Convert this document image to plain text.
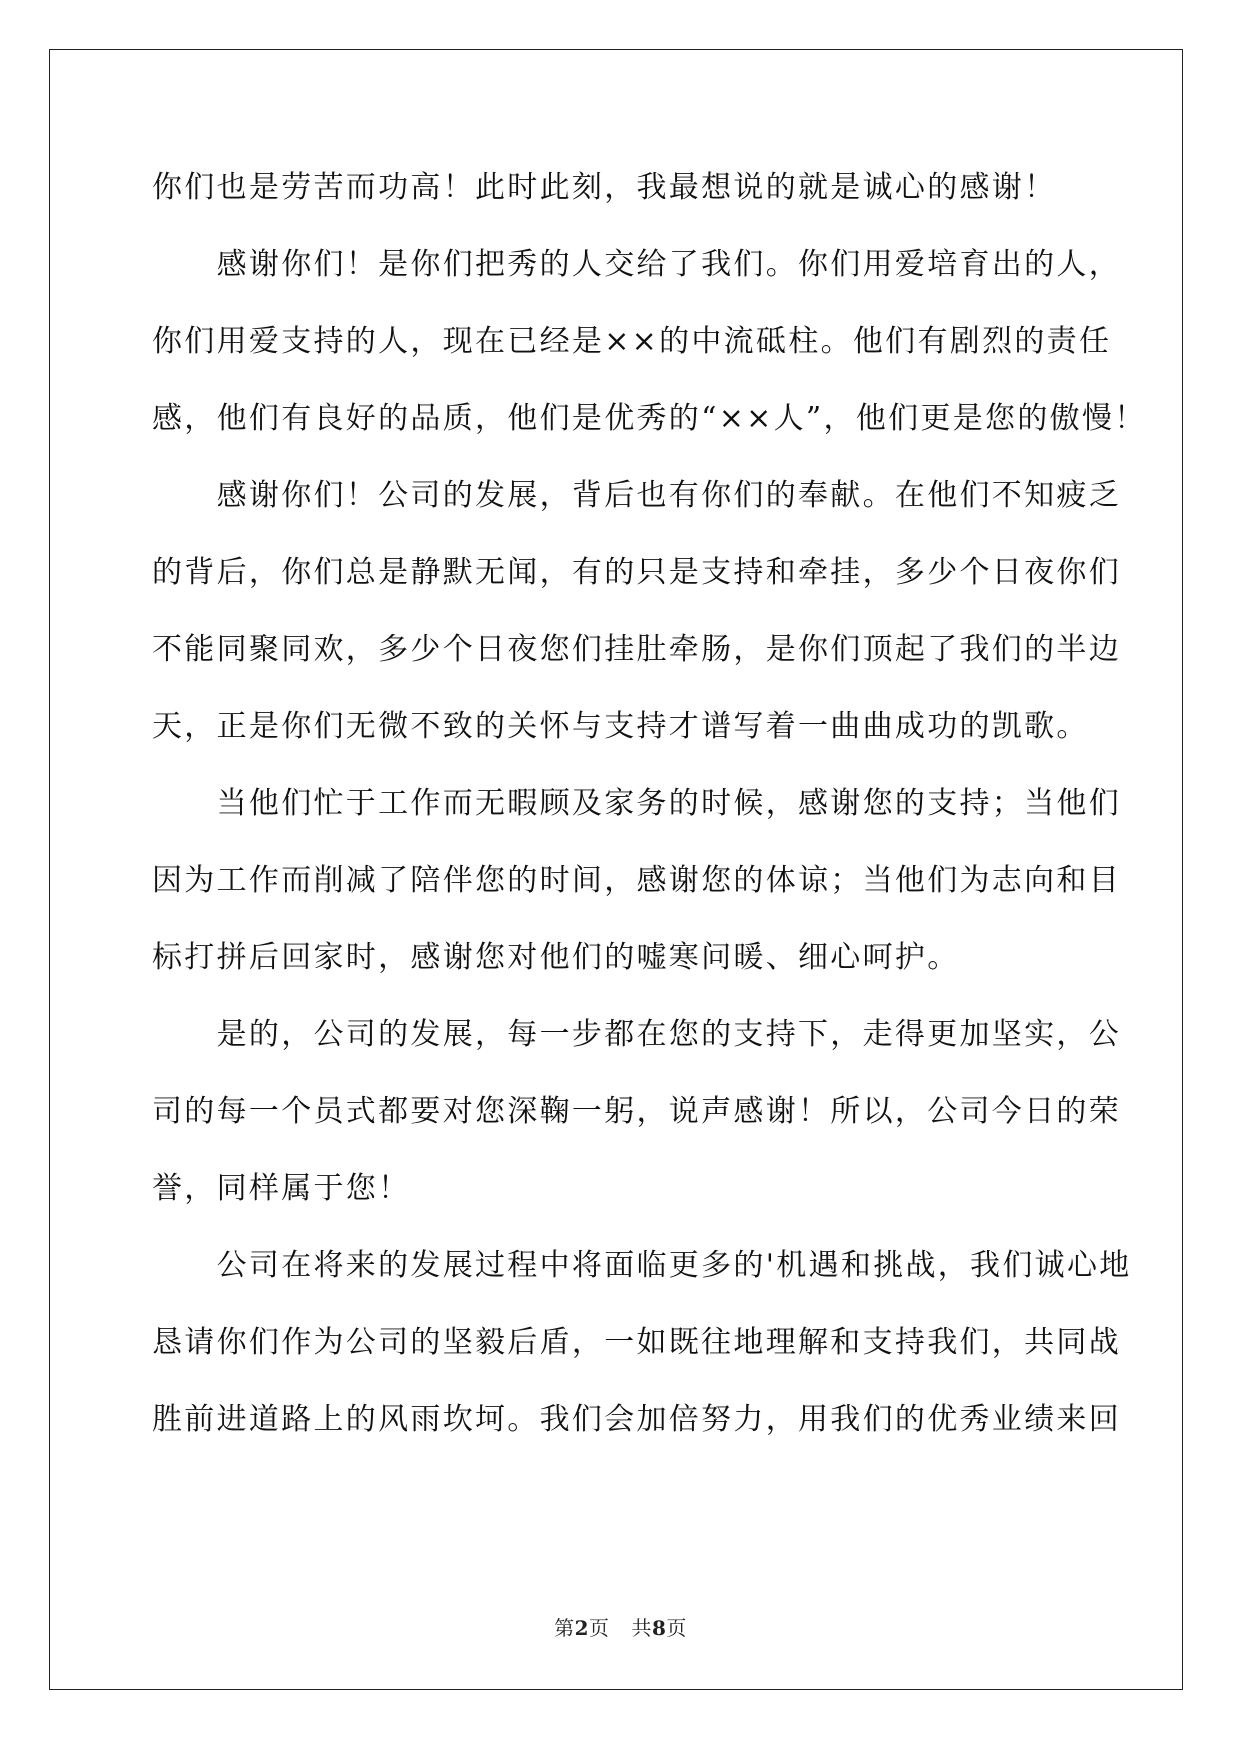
你们也是劳苦而功高！此时此刻，我最想说的就是诚心的感谢！
　　感谢你们！是你们把秀的人交给了我们。你们用爱培育出的人，
你们用爱支持的人，现在已经是××的中流砥柱。他们有剧烈的责任
感，他们有良好的品质，他们是优秀的“××人”，他们更是您的傲慢！
　　感谢你们！公司的发展，背后也有你们的奉献。在他们不知疲乏
的背后，你们总是静默无闻，有的只是支持和牵挂，多少个日夜你们
不能同聚同欢，多少个日夜您们挂肚牵肠，是你们顶起了我们的半边
天，正是你们无微不致的关怀与支持才谱写着一曲曲成功的凯歌。
　　当他们忙于工作而无暇顾及家务的时候，感谢您的支持；当他们
因为工作而削减了陪伴您的时间，感谢您的体谅；当他们为志向和目
标打拼后回家时，感谢您对他们的嘘寒问暖、细心呵护。
　　是的，公司的发展，每一步都在您的支持下，走得更加坚实，公
司的每一个员式都要对您深鞠一躬，说声感谢！所以，公司今日的荣
誉，同样属于您！
　　公司在将来的发展过程中将面临更多的'机遇和挑战，我们诚心地
恳请你们作为公司的坚毅后盾，一如既往地理解和支持我们，共同战
胜前进道路上的风雨坎坷。我们会加倍努力，用我们的优秀业绩来回
第2页 共8页
